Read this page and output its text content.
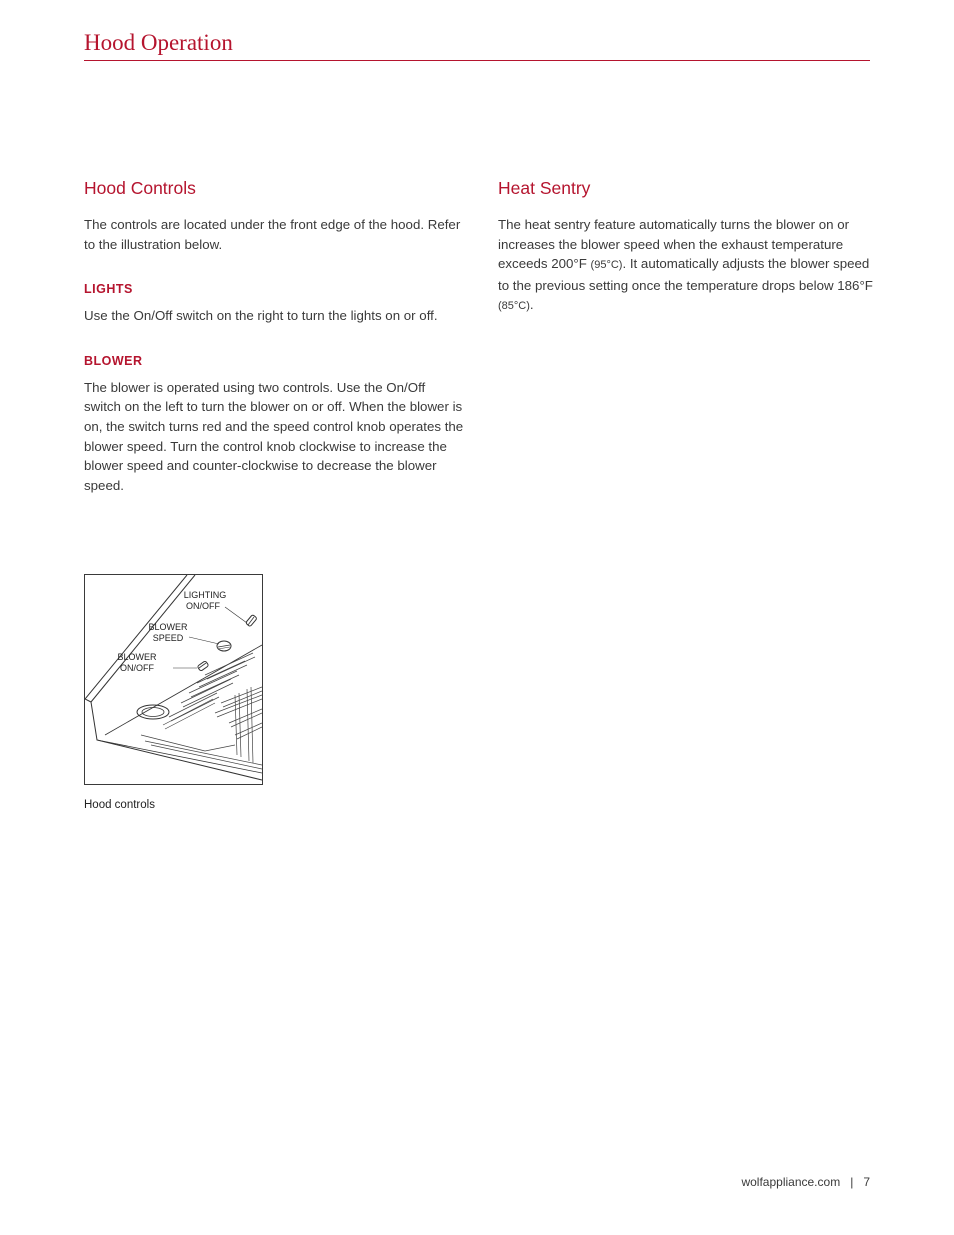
Hood Operation
Hood Controls

The controls are located under the front edge of the hood. Refer to the illustration below.

LIGHTS

Use the On/Off switch on the right to turn the lights on or off.

BLOWER

The blower is operated using two controls. Use the On/Off switch on the left to turn the blower on or off. When the blower is on, the switch turns red and the speed control knob operates the blower speed. Turn the control knob clockwise to increase the blower speed and counter-clockwise to decrease the blower speed.

Heat Sentry

The heat sentry feature automatically turns the blower on or increases the blower speed when the exhaust temperature exceeds 200°F (95°C). It automatically adjusts the blower speed to the previous setting once the temperature drops below 186°F (85°C).

LIGHTING
ON/OFF
BLOWER
SPEED
BLOWER
ON/OFF
Hood controls
wolfappliance.com | 7
